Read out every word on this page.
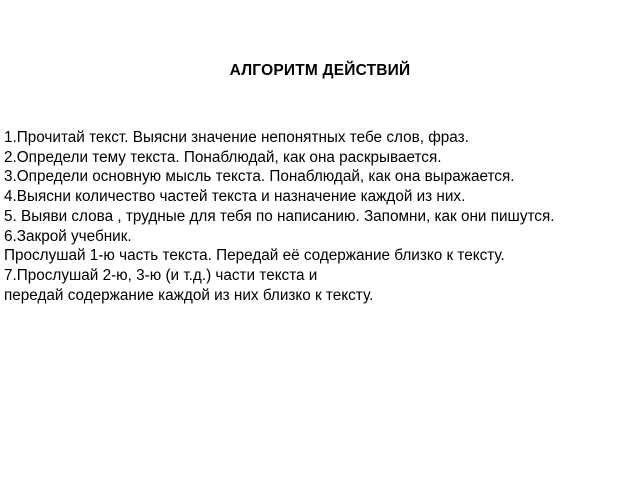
АЛГОРИТМ ДЕЙСТВИЙ
1.Прочитай текст. Выясни значение непонятных тебе слов, фраз.
2.Определи тему текста. Понаблюдай, как она раскрывается.
3.Определи основную мысль текста. Понаблюдай, как она выражается.
4.Выясни количество частей текста и назначение каждой из них.
5. Выяви слова , трудные для тебя по написанию. Запомни, как они пишутся.
6.Закрой учебник.
Прослушай 1-ю часть текста. Передай её содержание близко к тексту.
7.Прослушай 2-ю, 3-ю (и т.д.) части текста и
передай содержание каждой из них близко к тексту.
